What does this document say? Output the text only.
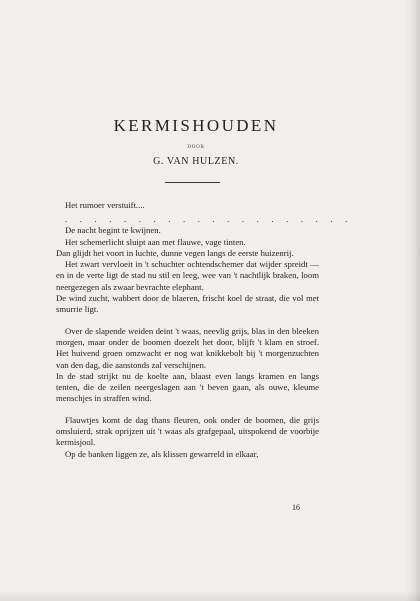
KERMISHOUDEN
DOOR
G. VAN HULZEN.

Het rumoer verstuift....

. . . . . . . . . . . . . . . . . . . .

De nacht begint te kwijnen.

Het schemerlicht sluipt aan met flauwe, vage tinten.

Dan glijdt het voort in luchte, dunne vegen langs de eerste huizenrij.

Het zwart vervloeit in 't schuchter ochtendschemer dat wijder spreidt — en in de verte ligt de stad nu stil en leeg, wee van 't nachtlijk braken, loom neergezegen als zwaar bevrachte elephant.

De wind zucht, wabbert door de blaeren, frischt koel de straat, die vol met smurrie ligt.

Over de slapende weiden deint 't waas, neevlig grijs, blas in den bleeken morgen, maar onder de boomen doezelt het door, blijft 't klam en stroef. Het huivend groen omzwacht er nog wat knikkebolt bij 't morgenzuchten van den dag, die aanstonds zal verschijnen.

In de stad strijkt nu de koelte aan, blaast even langs kramen en langs tenten, die de zeilen neergeslagen aan 't beven gaan, als ouwe, kleume menschjes in straffen wind.

Flauwtjes komt de dag thans fleuren, ook onder de boomen, die grijs omsluierd, strak oprijzen uit 't waas als grafgepaal, uitspokend de voorbije kermisjool.

Op de banken liggen ze, als klissen gewarreld in elkaar,

16
